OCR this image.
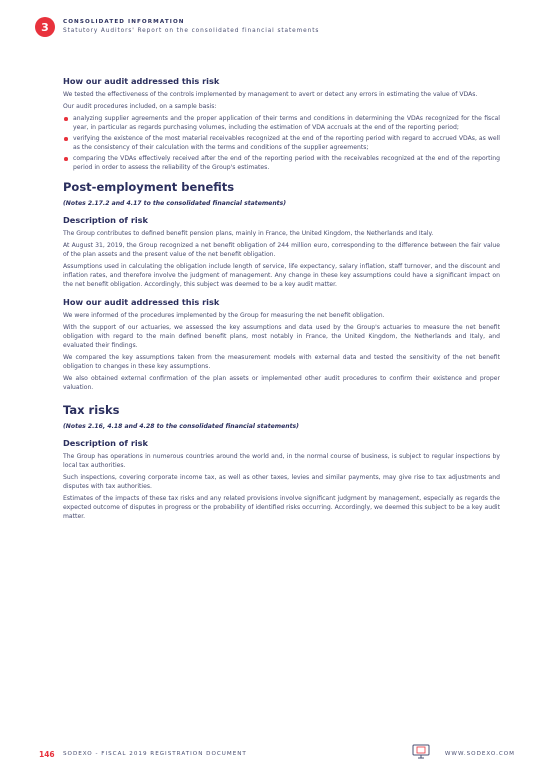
3	CONSOLIDATED INFORMATION
Statutory Auditors' Report on the consolidated financial statements
How our audit addressed this risk

We tested the effectiveness of the controls implemented by management to avert or detect any errors in estimating the value of VDAs.

Our audit procedures included, on a sample basis:

analyzing supplier agreements and the proper application of their terms and conditions in determining the VDAs recognized for the fiscal year, in particular as regards purchasing volumes, including the estimation of VDA accruals at the end of the reporting period;
verifying the existence of the most material receivables recognized at the end of the reporting period with regard to accrued VDAs, as well as the consistency of their calculation with the terms and conditions of the supplier agreements;
comparing the VDAs effectively received after the end of the reporting period with the receivables recognized at the end of the reporting period in order to assess the reliability of the Group's estimates.
Post-employment benefits
(Notes 2.17.2 and 4.17 to the consolidated financial statements)
Description of risk

The Group contributes to defined benefit pension plans, mainly in France, the United Kingdom, the Netherlands and Italy.

At August 31, 2019, the Group recognized a net benefit obligation of 244 million euro, corresponding to the difference between the fair value of the plan assets and the present value of the net benefit obligation.

Assumptions used in calculating the obligation include length of service, life expectancy, salary inflation, staff turnover, and the discount and inflation rates, and therefore involve the judgment of management. Any change in these key assumptions could have a significant impact on the net benefit obligation. Accordingly, this subject was deemed to be a key audit matter.

How our audit addressed this risk

We were informed of the procedures implemented by the Group for measuring the net benefit obligation.

With the support of our actuaries, we assessed the key assumptions and data used by the Group's actuaries to measure the net benefit obligation with regard to the main defined benefit plans, most notably in France, the United Kingdom, the Netherlands and Italy, and evaluated their findings.

We compared the key assumptions taken from the measurement models with external data and tested the sensitivity of the net benefit obligation to changes in these key assumptions.

We also obtained external confirmation of the plan assets or implemented other audit procedures to confirm their existence and proper valuation.

Tax risks
(Notes 2.16, 4.18 and 4.28 to the consolidated financial statements)
Description of risk

The Group has operations in numerous countries around the world and, in the normal course of business, is subject to regular inspections by local tax authorities.

Such inspections, covering corporate income tax, as well as other taxes, levies and similar payments, may give rise to tax adjustments and disputes with tax authorities.

Estimates of the impacts of these tax risks and any related provisions involve significant judgment by management, especially as regards the expected outcome of disputes in progress or the probability of identified risks occurring. Accordingly, we deemed this subject to be a key audit matter.

146 SODEXO - FISCAL 2019 REGISTRATION DOCUMENT	WWW.SODEXO.COM
